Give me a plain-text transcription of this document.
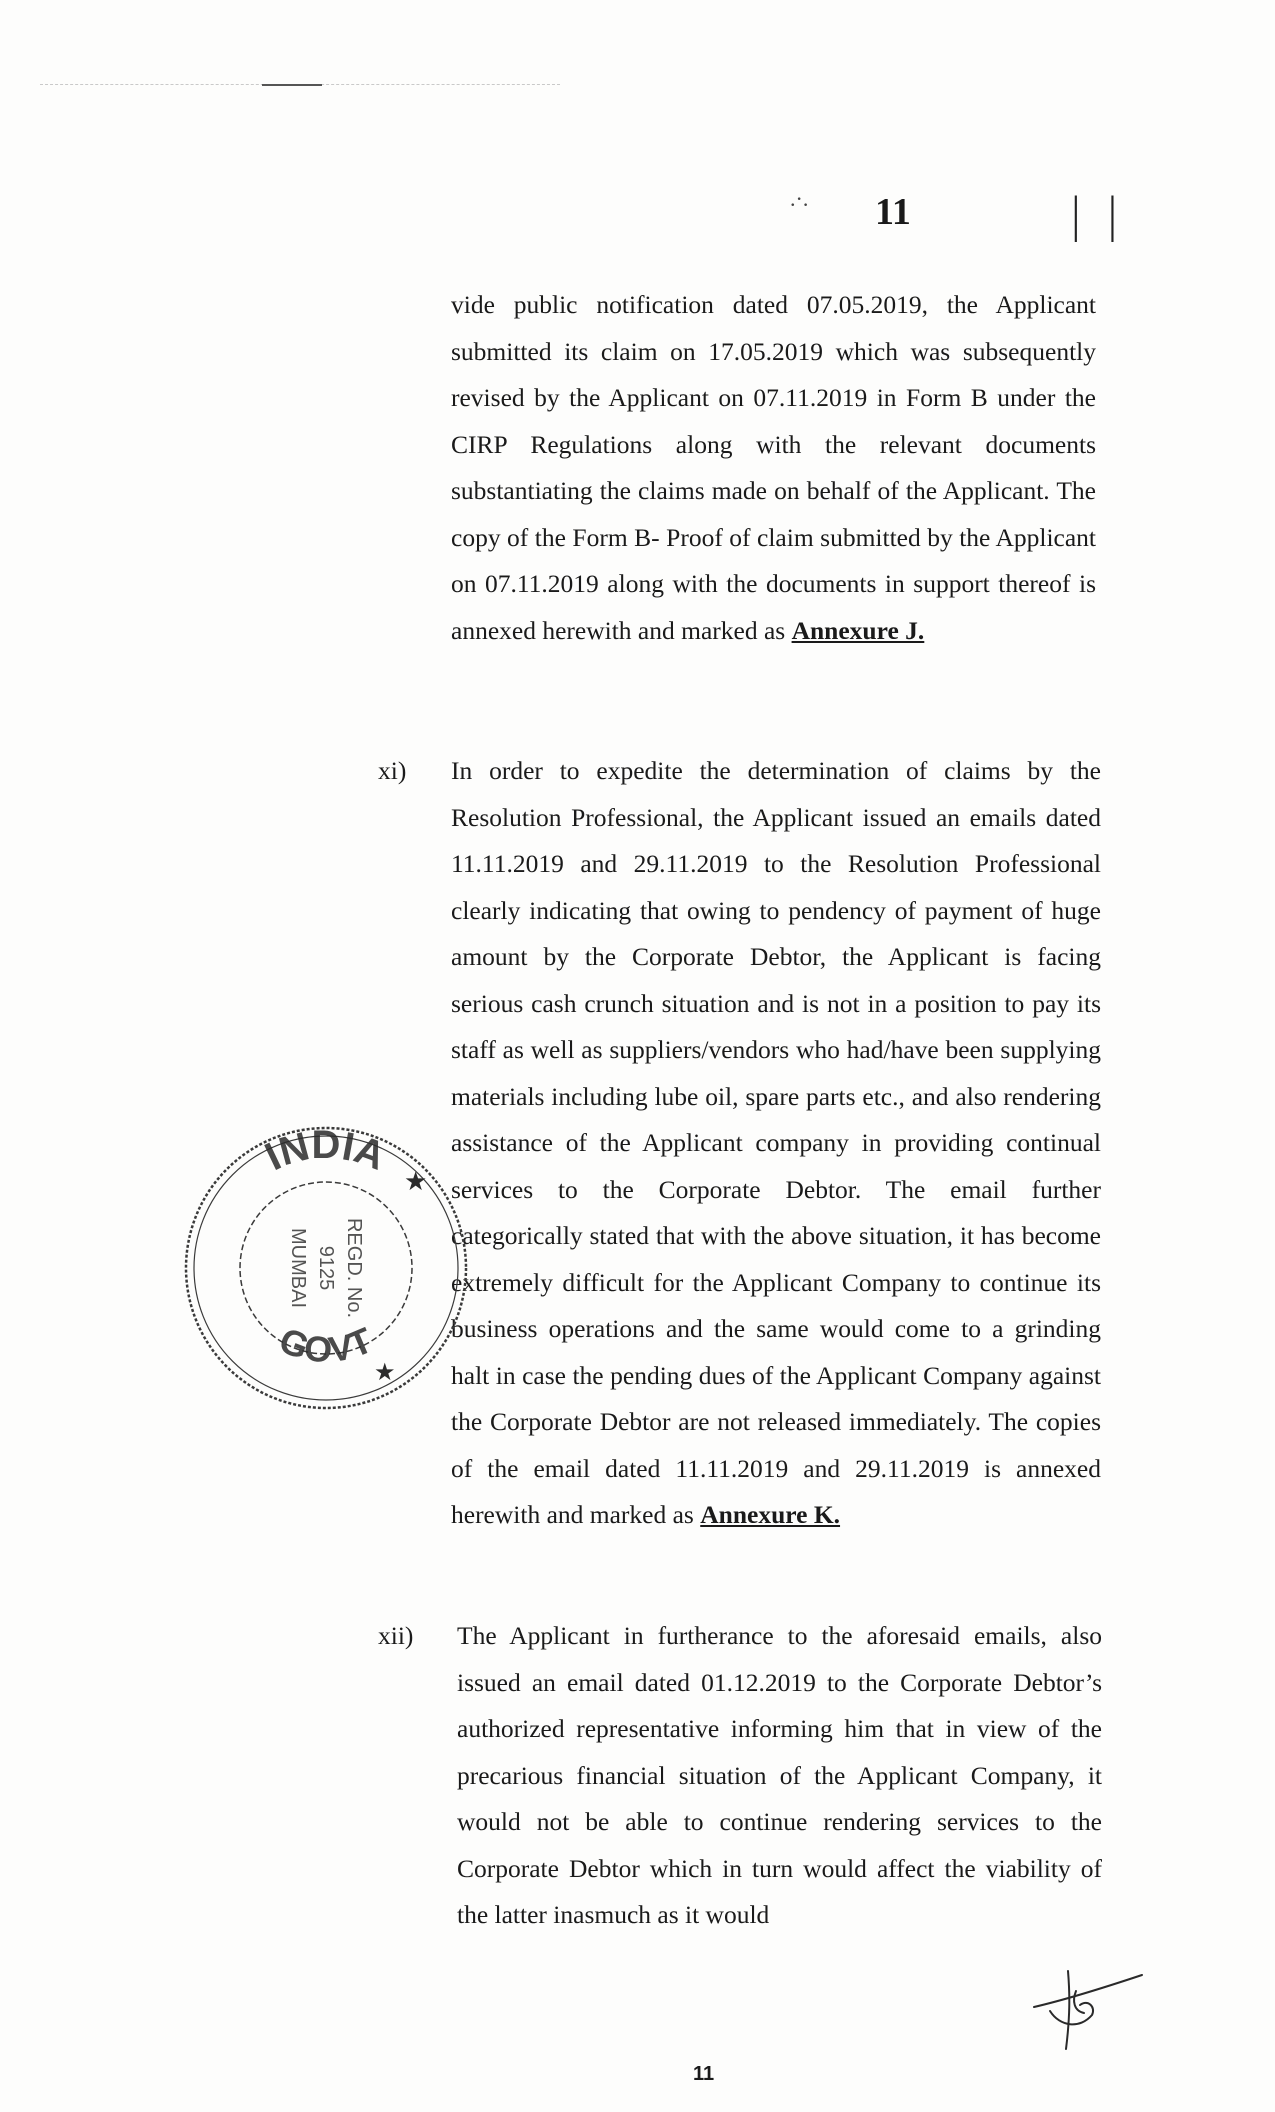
.·. 11	| |
vide public notification dated 07.05.2019, the Applicant submitted its claim on 17.05.2019 which was subsequently revised by the Applicant on 07.11.2019 in Form B under the CIRP Regulations along with the relevant documents substantiating the claims made on behalf of the Applicant. The copy of the Form B- Proof of claim submitted by the Applicant on 07.11.2019 along with the documents in support thereof is annexed herewith and marked as Annexure J.
xi) In order to expedite the determination of claims by the Resolution Professional, the Applicant issued an emails dated 11.11.2019 and 29.11.2019 to the Resolution Professional clearly indicating that owing to pendency of payment of huge amount by the Corporate Debtor, the Applicant is facing serious cash crunch situation and is not in a position to pay its staff as well as suppliers/vendors who had/have been supplying materials including lube oil, spare parts etc., and also rendering assistance of the Applicant company in providing continual services to the Corporate Debtor. The email further categorically stated that with the above situation, it has become extremely difficult for the Applicant Company to continue its business operations and the same would come to a grinding halt in case the pending dues of the Applicant Company against the Corporate Debtor are not released immediately. The copies of the email dated 11.11.2019 and 29.11.2019 is annexed herewith and marked as Annexure K.
xii) The Applicant in furtherance to the aforesaid emails, also issued an email dated 01.12.2019 to the Corporate Debtor’s authorized representative informing him that in view of the precarious financial situation of the Applicant Company, it would not be able to continue rendering services to the Corporate Debtor which in turn would affect the viability of the latter inasmuch as it would
INDIA
GOVT
REGD. No.
9125
MUMBAI
★
★
11
